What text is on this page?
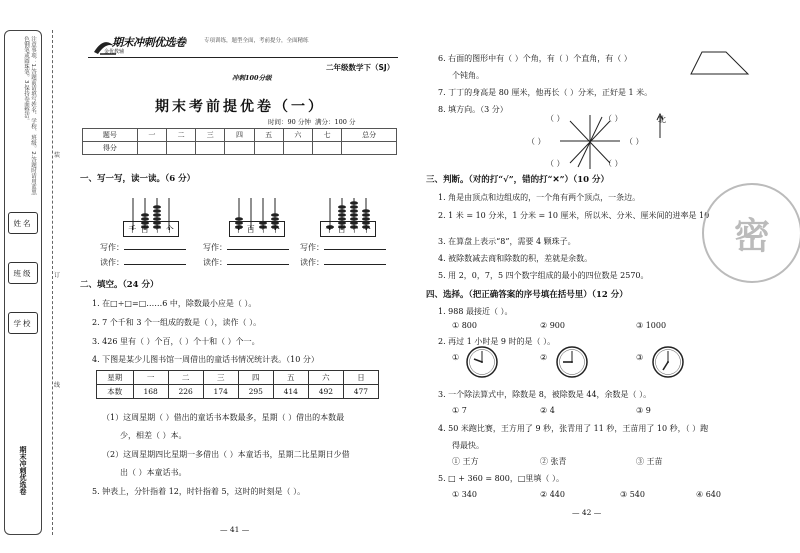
注意事项：1.答题前请填写姓名、学校、班级。2.答题时请用蓝黑色钢笔或圆珠笔。3.保持卷面整洁。
姓名
班级
学校
期末冲刺优选卷
装
订
线
期末冲刺优选卷
金优教辅
专项训练，题型全面，考前提分，全面精练
二年级数学下（SJ）
冲刺100分级
期末考前提优卷（一）
时间：90 分钟 满分：100 分
题号	一	二	三	四	五	六	七	总分
得分								
一、写一写，读一读。（6 分）
千 百 十 个	千 百 十 个	千 百 十 个
写作：
读作：
写作：
读作：
写作：
读作：
二、填空。（24 分）
1. 在□÷□=□……6 中，除数最小应是（ ）。
2. 7 个千和 3 个一组成的数是（ ），读作（ ）。
3. 426 里有（ ）个百，（ ）个十和（ ）个一。
4. 下图是某少儿图书馆一周借出的童话书情况统计表。（10 分）
星期	一	二	三	四	五	六	日
本数	168	226	174	295	414	492	477
（1）这周星期（ ）借出的童话书本数最多，星期（ ）借出的本数最
少，相差（ ）本。
（2）这周星期四比星期一多借出（ ）本童话书，星期二比星期日少借
出（ ）本童话书。
5. 钟表上，分针指着 12，时针指着 5，这时的时刻是（ ）。
— 41 —
6. 右面的图形中有（ ）个角，有（ ）个直角，有（ ）
个钝角。
7. 丁丁的身高是 80 厘米，他再长（ ）分米，正好是 1 米。
8. 填方向。（3 分）
（ ）	（ ）
（ ）	（ ）
（ ）	（ ）
北
三、判断。（对的打“√”，错的打“✕”）（10 分）
1. 角是由顶点和边组成的，一个角有两个顶点，一条边。
2. 1 米 = 10 分米，1 分米 = 10 厘米，所以米、分米、厘米间的进率是 10
3. 在算盘上表示“8”，需要 4 颗珠子。
4. 被除数减去商和除数的积，差就是余数。
5. 用 2，0，7，5 四个数字组成的最小的四位数是 2570。
四、选择。（把正确答案的序号填在括号里）（12 分）
1. 988 最接近（ ）。
① 800	② 900	③ 1000
2. 再过 1 小时是 9 时的是（ ）。
①	②	③
3. 一个除法算式中，除数是 8，被除数是 44，余数是（ ）。
① 7	② 4	③ 9
4. 50 米跑比赛，王方用了 9 秒，张青用了 11 秒，王苗用了 10 秒，（ ）跑
得最快。
① 王方	② 张青	③ 王苗
5. □ + 360 = 800，□里填（ ）。
① 340	② 440	③ 540	④ 640
密
— 42 —
